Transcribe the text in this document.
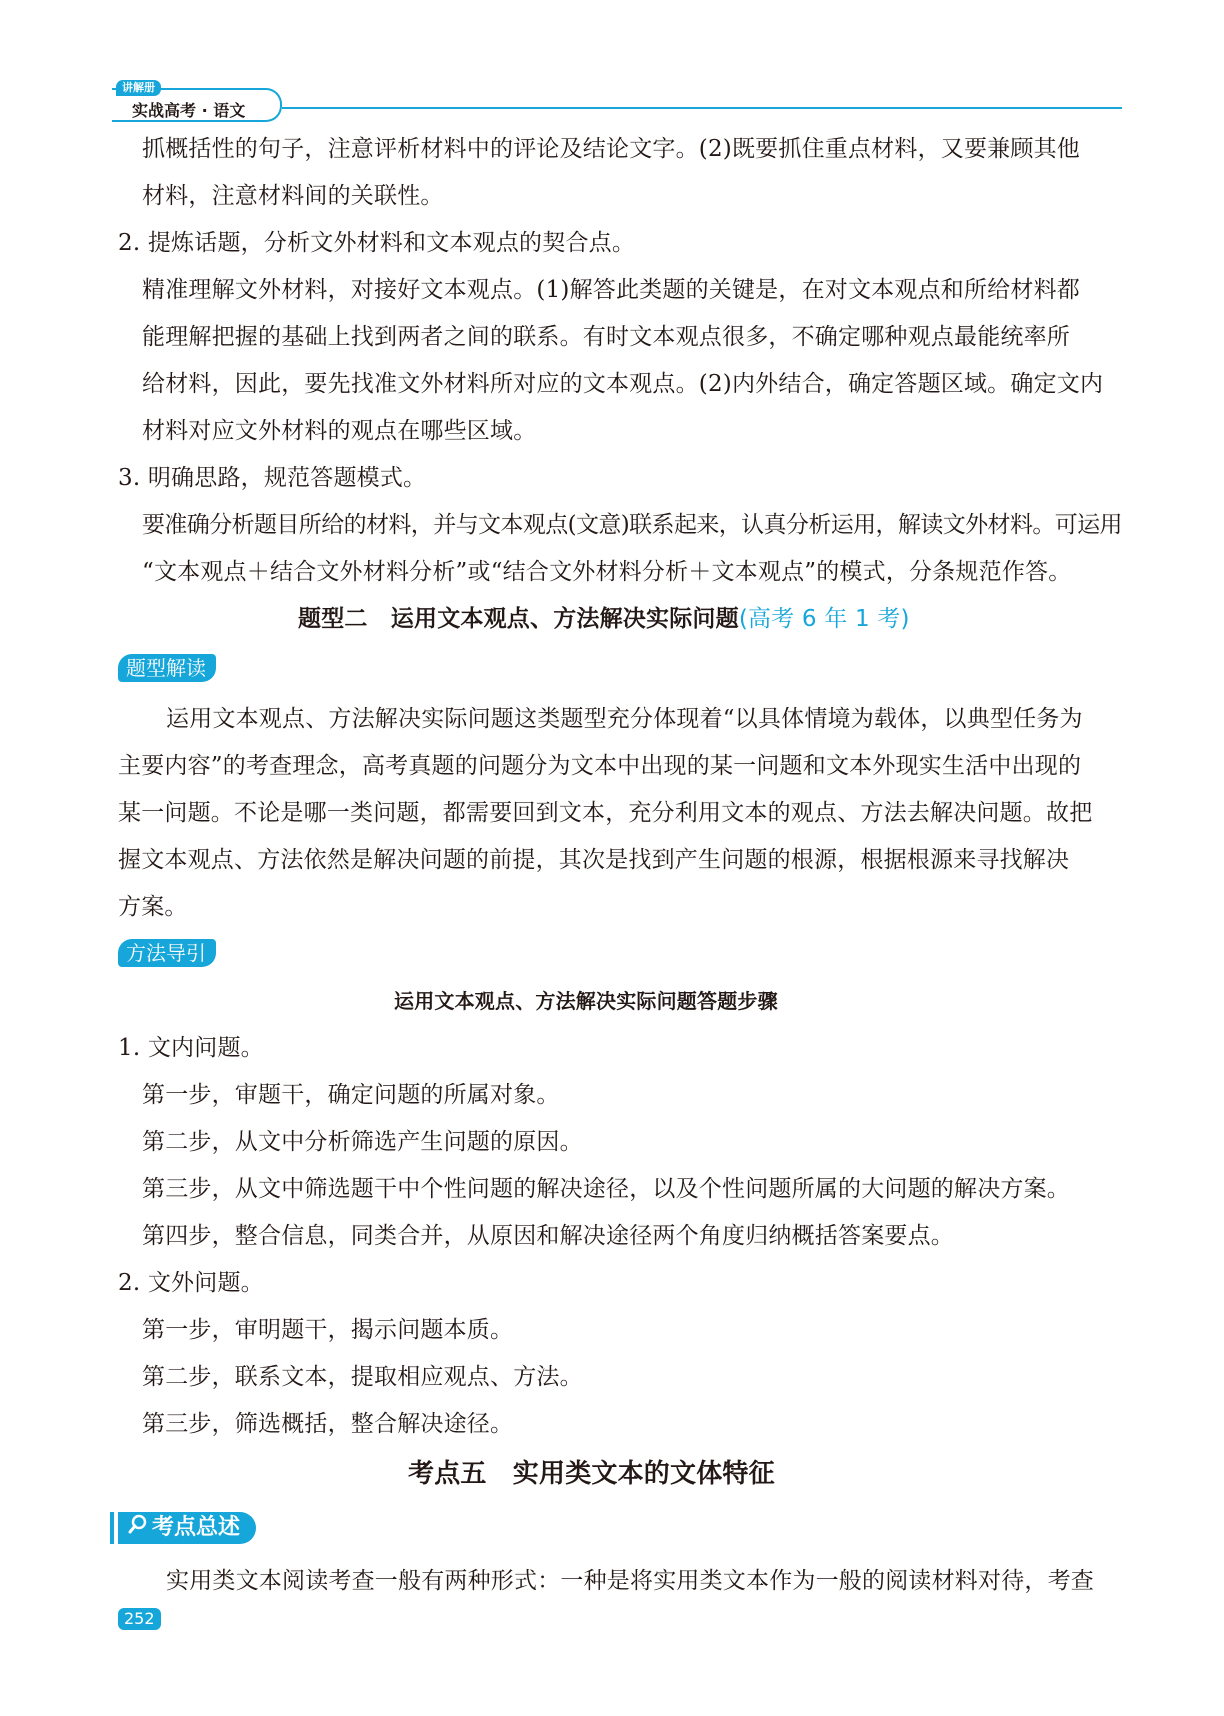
讲解册
实战高考 · 语文
抓概括性的句子，注意评析材料中的评论及结论文字。(2)既要抓住重点材料，又要兼顾其他
材料，注意材料间的关联性。
2. 提炼话题，分析文外材料和文本观点的契合点。
精准理解文外材料，对接好文本观点。(1)解答此类题的关键是，在对文本观点和所给材料都
能理解把握的基础上找到两者之间的联系。有时文本观点很多，不确定哪种观点最能统率所
给材料，因此，要先找准文外材料所对应的文本观点。(2)内外结合，确定答题区域。确定文内
材料对应文外材料的观点在哪些区域。
3. 明确思路，规范答题模式。
要准确分析题目所给的材料，并与文本观点(文意)联系起来，认真分析运用，解读文外材料。可运用
“文本观点＋结合文外材料分析”或“结合文外材料分析＋文本观点”的模式，分条规范作答。
题型二　运用文本观点、方法解决实际问题(高考 6 年 1 考)
题型解读
运用文本观点、方法解决实际问题这类题型充分体现着“以具体情境为载体，以典型任务为
主要内容”的考查理念，高考真题的问题分为文本中出现的某一问题和文本外现实生活中出现的
某一问题。不论是哪一类问题，都需要回到文本，充分利用文本的观点、方法去解决问题。故把
握文本观点、方法依然是解决问题的前提，其次是找到产生问题的根源，根据根源来寻找解决
方案。
方法导引
运用文本观点、方法解决实际问题答题步骤
1. 文内问题。
第一步，审题干，确定问题的所属对象。
第二步，从文中分析筛选产生问题的原因。
第三步，从文中筛选题干中个性问题的解决途径，以及个性问题所属的大问题的解决方案。
第四步，整合信息，同类合并，从原因和解决途径两个角度归纳概括答案要点。
2. 文外问题。
第一步，审明题干，揭示问题本质。
第二步，联系文本，提取相应观点、方法。
第三步，筛选概括，整合解决途径。
考点五　实用类文本的文体特征
考点总述
实用类文本阅读考查一般有两种形式：一种是将实用类文本作为一般的阅读材料对待，考查
252
